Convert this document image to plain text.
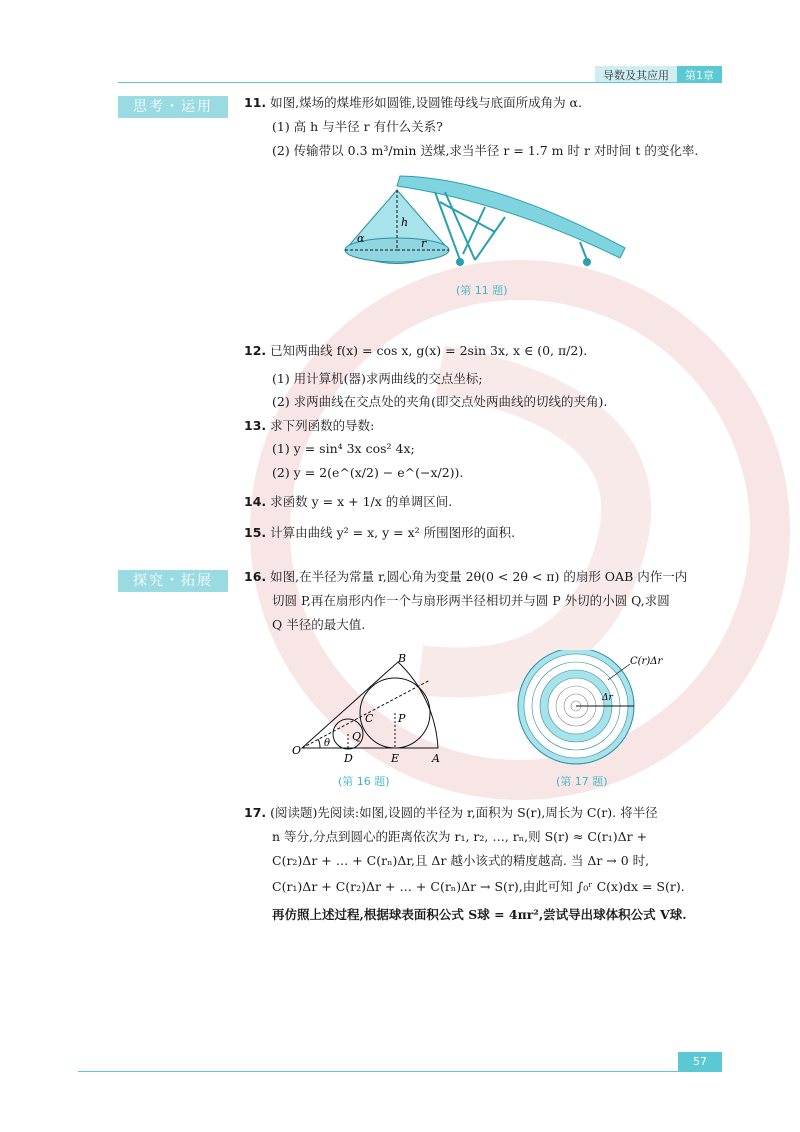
导数及其应用	第1章
思考・运用	11. 如图,煤场的煤堆形如圆锥,设圆锥母线与底面所成角为 α.
(1) 高 h 与半径 r 有什么关系?
(2) 传输带以 0.3 m³/min 送煤,求当半径 r = 1.7 m 时 r 对时间 t 的变化率.
h
α	r
(第 11 题)
12. 已知两曲线 f(x) = cos x, g(x) = 2sin 3x, x ∈ (0, π/2).
(1) 用计算机(器)求两曲线的交点坐标;
(2) 求两曲线在交点处的夹角(即交点处两曲线的切线的夹角).
13. 求下列函数的导数:
(1) y = sin⁴ 3x cos² 4x;
(2) y = 2(e^(x/2) − e^(−x/2)).
14. 求函数 y = x + 1/x 的单调区间.
15. 计算由曲线 y² = x, y = x² 所围图形的面积.
探究・拓展	16. 如图,在半径为常量 r,圆心角为变量 2θ(0 < 2θ < π) 的扇形 OAB 内作一内
切圆 P,再在扇形内作一个与扇形两半径相切并与圆 P 外切的小圆 Q,求圆
Q 半径的最大值.
B
O
A
D	E
C P
Q
θ
(第 16 题)
C(r)Δr
Δr
(第 17 题)
17. (阅读题)先阅读:如图,设圆的半径为 r,面积为 S(r),周长为 C(r). 将半径
n 等分,分点到圆心的距离依次为 r₁, r₂, …, rₙ,则 S(r) ≈ C(r₁)Δr +
C(r₂)Δr + … + C(rₙ)Δr,且 Δr 越小该式的精度越高. 当 Δr → 0 时,
C(r₁)Δr + C(r₂)Δr + … + C(rₙ)Δr → S(r),由此可知 ∫₀ʳ C(x)dx = S(r).
再仿照上述过程,根据球表面积公式 S球 = 4πr²,尝试导出球体积公式 V球.
57
